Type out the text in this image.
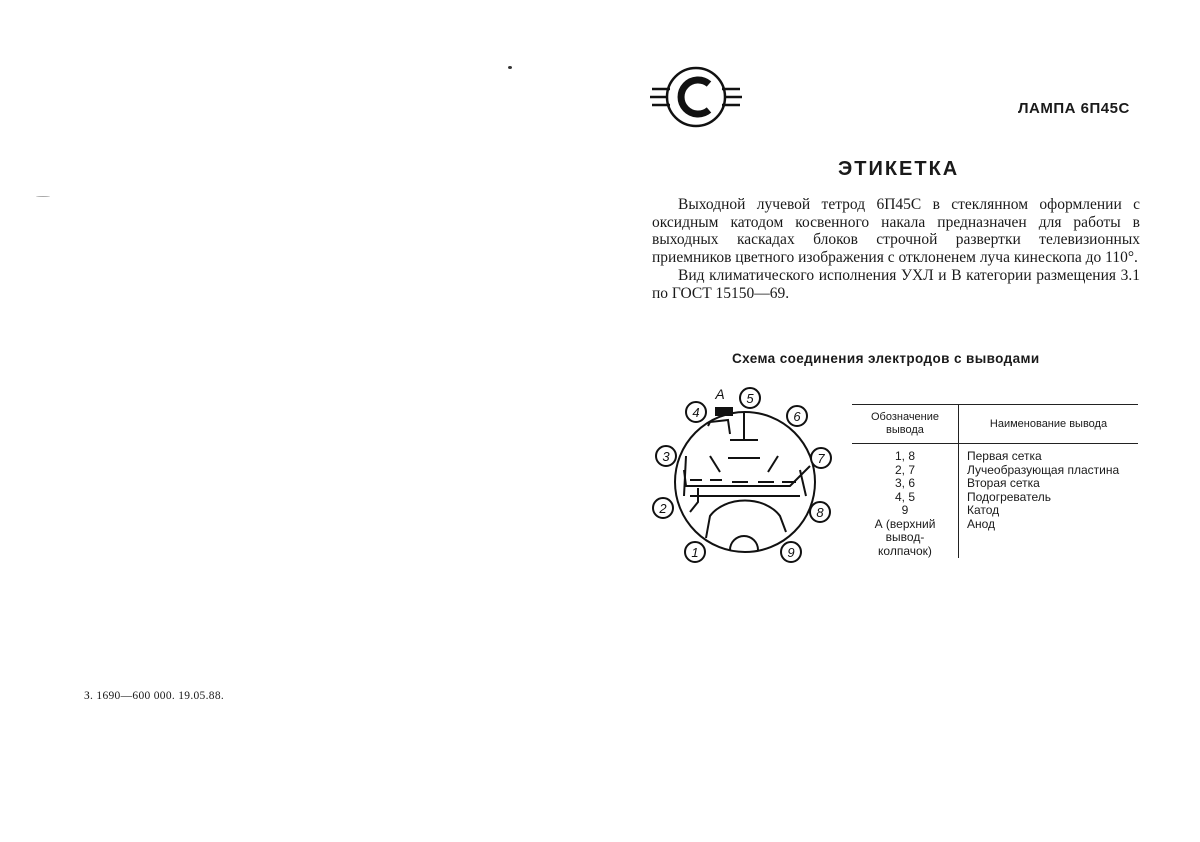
ЛАМПА 6П45С
ЭТИКЕТКА

Выходной лучевой тетрод 6П45С в стеклянном оформлении с оксидным катодом косвенного накала предназначен для работы в выходных каскадах блоков строчной развертки телевизионных приемников цветного изображения с отклоненем луча кинескопа до 110°.

Вид климатического исполнения УХЛ и В категории размещения 3.1 по ГОСТ 15150—69.

Схема соединения электродов с выводами
1
2
3
4
5
6
7
8
9
А
Обозначение вывода	Наименование вывода
1, 8	Первая сетка
2, 7	Лучеобразующая пластина
3, 6	Вторая сетка
4, 5	Подогреватель
9	Катод
А (верхний вывод-колпачок)	Анод
З. 1690—600 000. 19.05.88.
